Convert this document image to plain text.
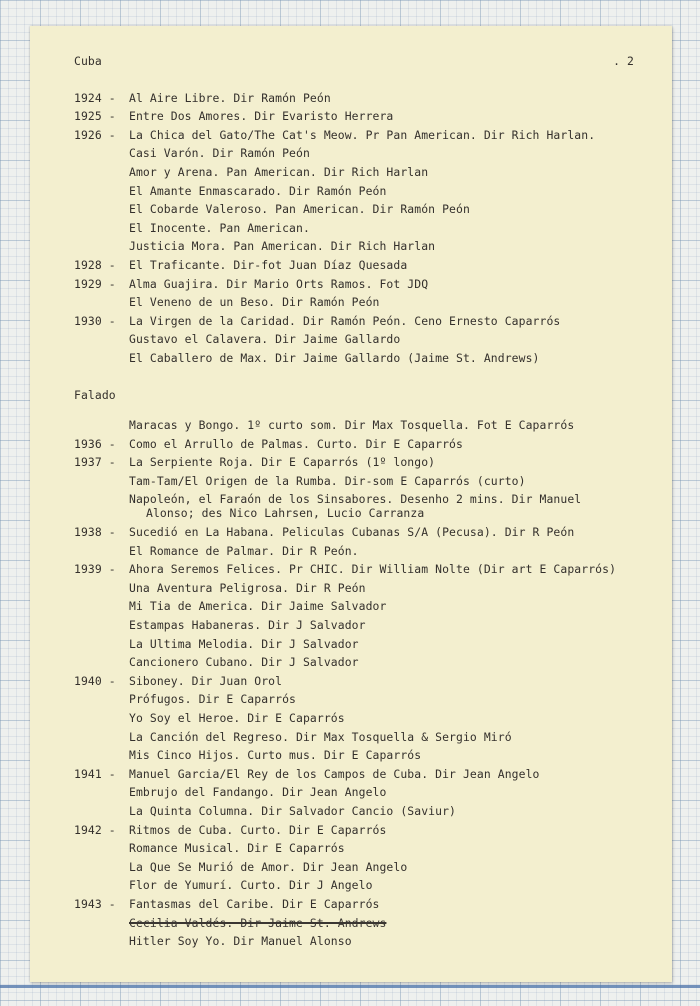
Cuba	. 2
1924 -Al Aire Libre. Dir Ramón Peón
1925 -Entre Dos Amores. Dir Evaristo Herrera
1926 -La Chica del Gato/The Cat's Meow. Pr Pan American. Dir Rich Harlan.
Casi Varón. Dir Ramón Peón
Amor y Arena. Pan American. Dir Rich Harlan
El Amante Enmascarado. Dir Ramón Peón
El Cobarde Valeroso. Pan American. Dir Ramón Peón
El Inocente. Pan American.
Justicia Mora. Pan American. Dir Rich Harlan
1928 -El Traficante. Dir-fot Juan Díaz Quesada
1929 -Alma Guajira. Dir Mario Orts Ramos. Fot JDQ
El Veneno de un Beso. Dir Ramón Peón
1930 -La Virgen de la Caridad. Dir Ramón Peón. Ceno Ernesto Caparrós
Gustavo el Calavera. Dir Jaime Gallardo
El Caballero de Max. Dir Jaime Gallardo (Jaime St. Andrews)
Falado
Maracas y Bongo. 1º curto som. Dir Max Tosquella. Fot E Caparrós
1936 -Como el Arrullo de Palmas. Curto. Dir E Caparrós
1937 -La Serpiente Roja. Dir E Caparrós (1º longo)
Tam-Tam/El Origen de la Rumba. Dir-som E Caparrós (curto)
Napoleón, el Faraón de los Sinsabores. Desenho 2 mins. Dir Manuel
Alonso; des Nico Lahrsen, Lucio Carranza
1938 -Sucedió en La Habana. Peliculas Cubanas S/A (Pecusa). Dir R Peón
El Romance de Palmar. Dir R Peón.
1939 -Ahora Seremos Felices. Pr CHIC. Dir William Nolte (Dir art E Caparrós)
Una Aventura Peligrosa. Dir R Peón
Mi Tia de America. Dir Jaime Salvador
Estampas Habaneras. Dir J Salvador
La Ultima Melodia. Dir J Salvador
Cancionero Cubano. Dir J Salvador
1940 -Siboney. Dir Juan Orol
Prófugos. Dir E Caparrós
Yo Soy el Heroe. Dir E Caparrós
La Canción del Regreso. Dir Max Tosquella & Sergio Miró
Mis Cinco Hijos. Curto mus. Dir E Caparrós
1941 -Manuel Garcia/El Rey de los Campos de Cuba. Dir Jean Angelo
Embrujo del Fandango. Dir Jean Angelo
La Quinta Columna. Dir Salvador Cancio (Saviur)
1942 -Ritmos de Cuba. Curto. Dir E Caparrós
Romance Musical. Dir E Caparrós
La Que Se Murió de Amor. Dir Jean Angelo
Flor de Yumurí. Curto. Dir J Angelo
1943 -Fantasmas del Caribe. Dir E Caparrós
Cecilia Valdés. Dir Jaime St. Andrews
Hitler Soy Yo. Dir Manuel Alonso
